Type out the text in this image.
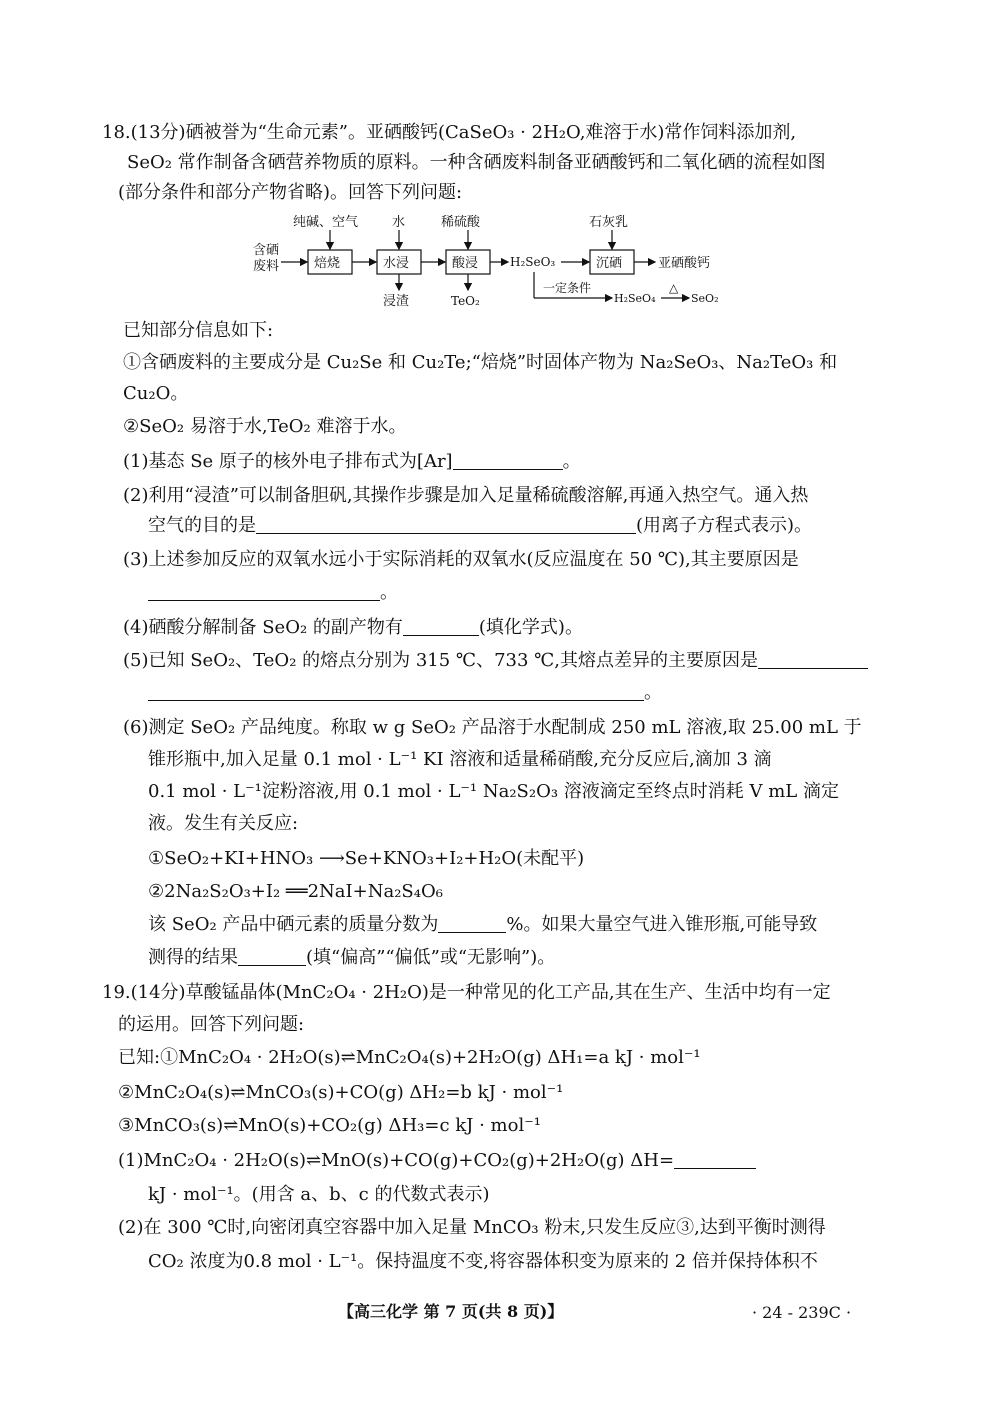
18.(13分)硒被誉为“生命元素”。亚硒酸钙(CaSeO₃ · 2H₂O,难溶于水)常作饲料添加剂,
SeO₂ 常作制备含硒营养物质的原料。一种含硒废料制备亚硒酸钙和二氧化硒的流程如图
(部分条件和部分产物省略)。回答下列问题:
含硒
废料	焙烧
纯碱、空气
水浸
水
浸渣
酸浸
稀硫酸
TeO₂
H₂SeO₃	沉硒
石灰乳
亚硒酸钙
一定条件
H₂SeO₄
△
SeO₂
已知部分信息如下:
①含硒废料的主要成分是 Cu₂Se 和 Cu₂Te;“焙烧”时固体产物为 Na₂SeO₃、Na₂TeO₃ 和
Cu₂O。
②SeO₂ 易溶于水,TeO₂ 难溶于水。
(1)基态 Se 原子的核外电子排布式为[Ar]	。
(2)利用“浸渣”可以制备胆矾,其操作步骤是加入足量稀硫酸溶解,再通入热空气。通入热
空气的目的是	(用离子方程式表示)。
(3)上述参加反应的双氧水远小于实际消耗的双氧水(反应温度在 50 ℃),其主要原因是
。
(4)硒酸分解制备 SeO₂ 的副产物有	(填化学式)。
(5)已知 SeO₂、TeO₂ 的熔点分别为 315 ℃、733 ℃,其熔点差异的主要原因是
。
(6)测定 SeO₂ 产品纯度。称取 w g SeO₂ 产品溶于水配制成 250 mL 溶液,取 25.00 mL 于
锥形瓶中,加入足量 0.1 mol · L⁻¹ KI 溶液和适量稀硝酸,充分反应后,滴加 3 滴
0.1 mol · L⁻¹淀粉溶液,用 0.1 mol · L⁻¹ Na₂S₂O₃ 溶液滴定至终点时消耗 V mL 滴定
液。发生有关反应:
①SeO₂+KI+HNO₃ ⟶Se+KNO₃+I₂+H₂O(未配平)
②2Na₂S₂O₃+I₂ ══2NaI+Na₂S₄O₆
该 SeO₂ 产品中硒元素的质量分数为	%。如果大量空气进入锥形瓶,可能导致
测得的结果	(填“偏高”“偏低”或“无影响”)。
19.(14分)草酸锰晶体(MnC₂O₄ · 2H₂O)是一种常见的化工产品,其在生产、生活中均有一定
的运用。回答下列问题:
已知:①MnC₂O₄ · 2H₂O(s)⇌MnC₂O₄(s)+2H₂O(g) ΔH₁=a kJ · mol⁻¹
②MnC₂O₄(s)⇌MnCO₃(s)+CO(g) ΔH₂=b kJ · mol⁻¹
③MnCO₃(s)⇌MnO(s)+CO₂(g) ΔH₃=c kJ · mol⁻¹
(1)MnC₂O₄ · 2H₂O(s)⇌MnO(s)+CO(g)+CO₂(g)+2H₂O(g) ΔH=
kJ · mol⁻¹。(用含 a、b、c 的代数式表示)
(2)在 300 ℃时,向密闭真空容器中加入足量 MnCO₃ 粉末,只发生反应③,达到平衡时测得
CO₂ 浓度为0.8 mol · L⁻¹。保持温度不变,将容器体积变为原来的 2 倍并保持体积不
【高三化学 第 7 页(共 8 页)】	· 24 - 239C ·
